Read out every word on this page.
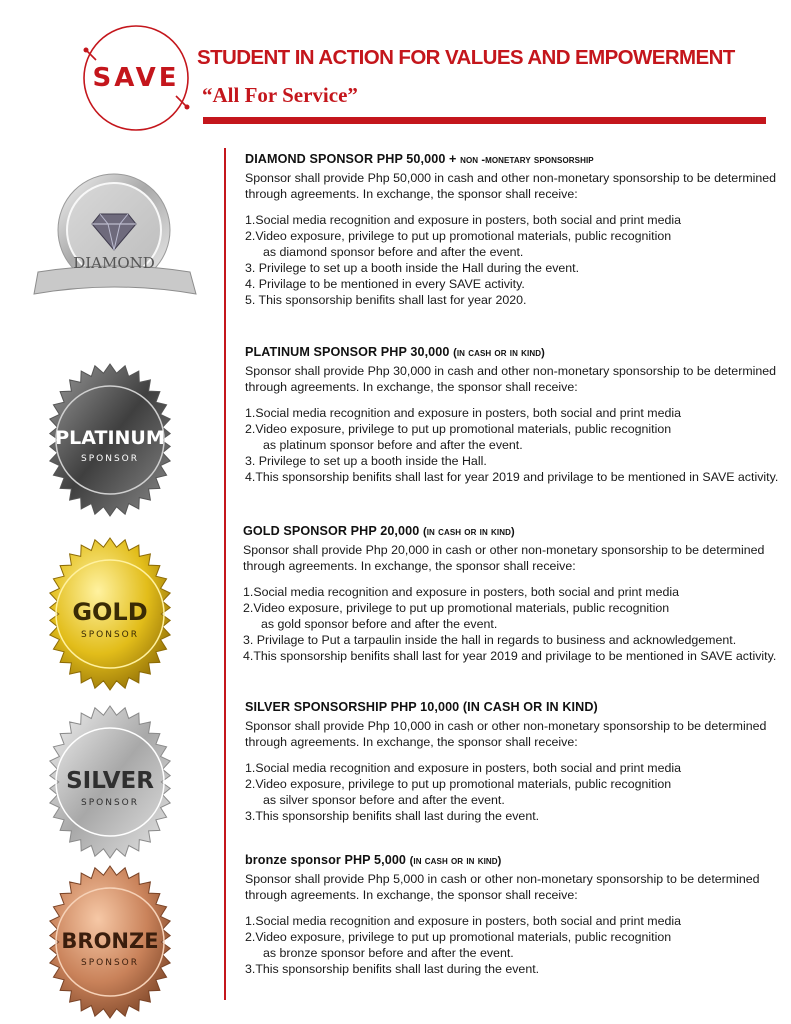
SAVE
STUDENT IN ACTION FOR VALUES AND EMPOWERMENT

“All For Service”

DIAMOND
PLATINUM
SPONSOR
GOLD
SPONSOR
SILVER
SPONSOR
BRONZE
SPONSOR
DIAMOND SPONSOR PHP 50,000 + non -monetary sponsorship

Sponsor shall provide Php 50,000 in cash and other non-monetary sponsorship to be determined through agreements. In exchange, the sponsor shall receive:

1.Social media recognition and exposure in posters, both social and print media
2.Video exposure, privilege to put up promotional materials, public recognition
as diamond sponsor before and after the event.
3. Privilege to set up a booth inside the Hall during the event.
4. Privilage to be mentioned in every SAVE activity.
5. This sponsorship benifits shall last for year 2020.
PLATINUM SPONSOR PHP 30,000 (in cash or in kind)

Sponsor shall provide Php 30,000 in cash and other non-monetary sponsorship to be determined through agreements. In exchange, the sponsor shall receive:

1.Social media recognition and exposure in posters, both social and print media
2.Video exposure, privilege to put up promotional materials, public recognition
as platinum sponsor before and after the event.
3. Privilege to set up a booth inside the Hall.
4.This sponsorship benifits shall last for year 2019 and privilage to be mentioned in SAVE activity.
GOLD SPONSOR PHP 20,000 (in cash or in kind)

Sponsor shall provide Php 20,000 in cash or other non-monetary sponsorship to be determined through agreements. In exchange, the sponsor shall receive:

1.Social media recognition and exposure in posters, both social and print media
2.Video exposure, privilege to put up promotional materials, public recognition
as gold sponsor before and after the event.
3. Privilage to Put a tarpaulin inside the hall in regards to business and acknowledgement.
4.This sponsorship benifits shall last for year 2019 and privilage to be mentioned in SAVE activity.
SILVER SPONSORSHIP PHP 10,000 (IN CASH OR IN KIND)

Sponsor shall provide Php 10,000 in cash or other non-monetary sponsorship to be determined through agreements. In exchange, the sponsor shall receive:

1.Social media recognition and exposure in posters, both social and print media
2.Video exposure, privilege to put up promotional materials, public recognition
as silver sponsor before and after the event.
3.This sponsorship benifits shall last during the event.
bronze sponsor PHP 5,000 (in cash or in kind)

Sponsor shall provide Php 5,000 in cash or other non-monetary sponsorship to be determined through agreements. In exchange, the sponsor shall receive:

1.Social media recognition and exposure in posters, both social and print media
2.Video exposure, privilege to put up promotional materials, public recognition
as bronze sponsor before and after the event.
3.This sponsorship benifits shall last during the event.
